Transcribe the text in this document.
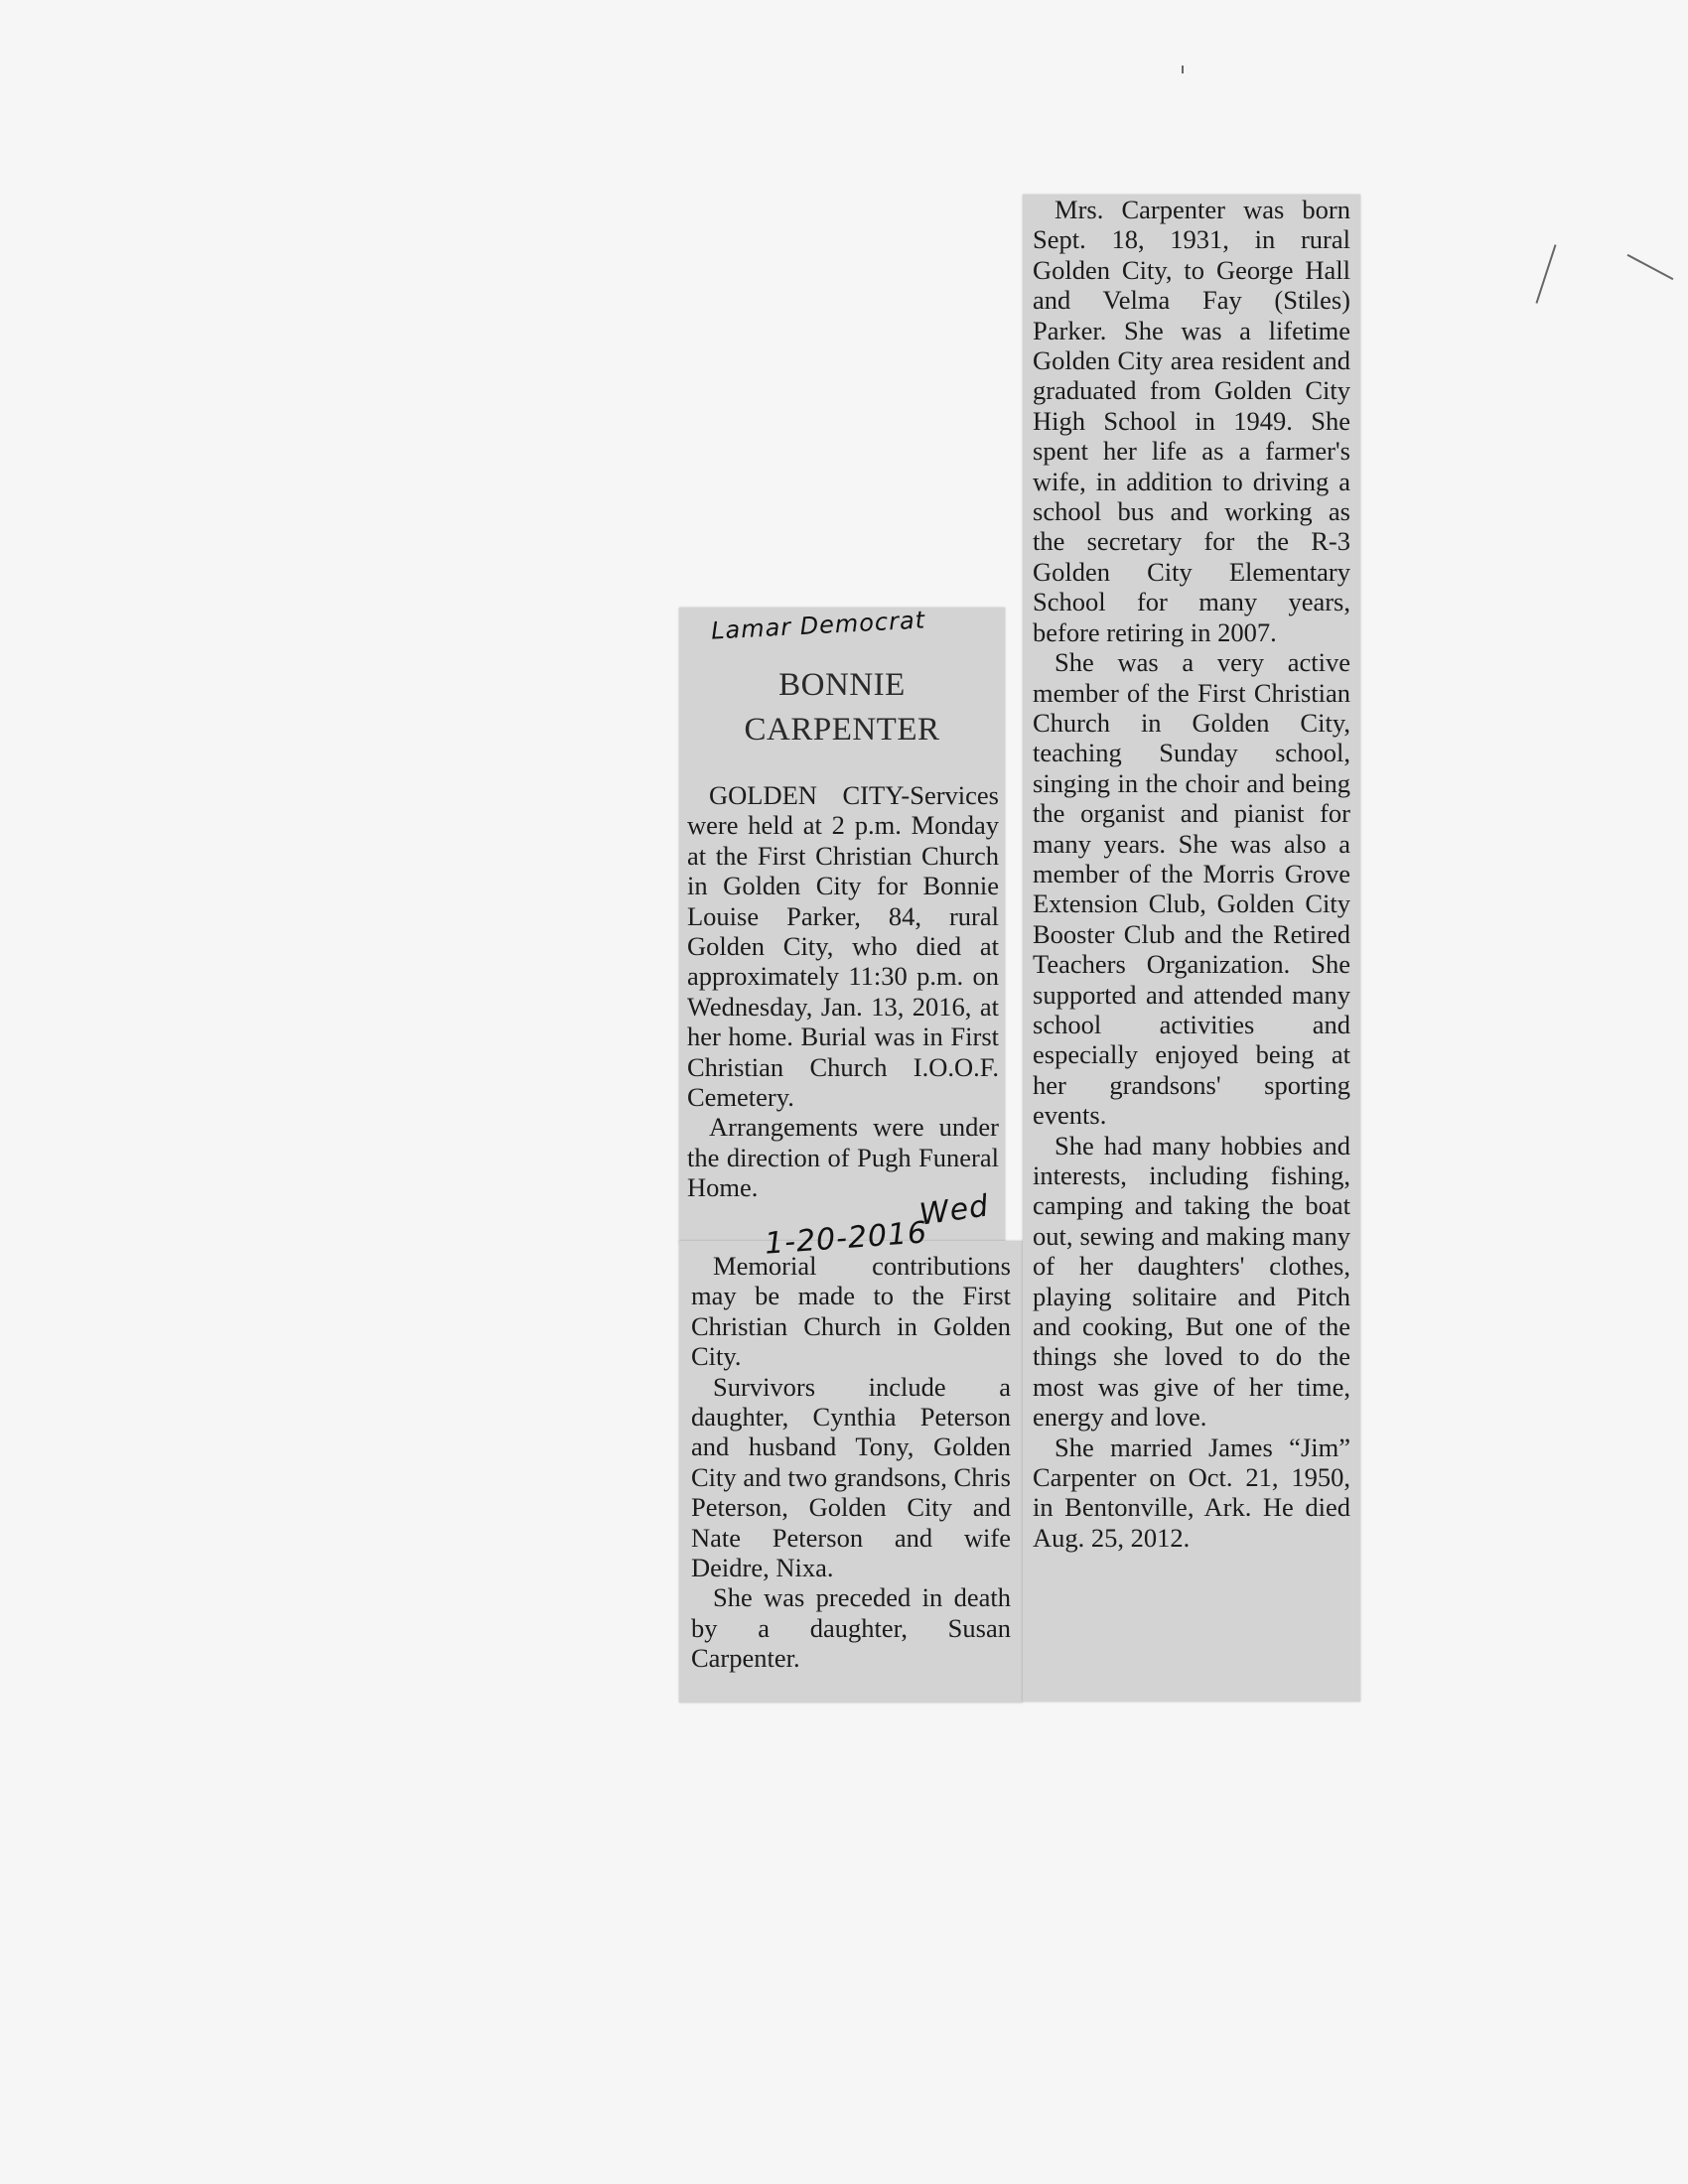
BONNIE
CARPENTER

GOLDEN CITY-Services were held at 2 p.m. Monday at the First Christian Church in Golden City for Bonnie Louise Parker, 84, rural Golden City, who died at approximately 11:30 p.m. on Wednesday, Jan. 13, 2016, at her home. Burial was in First Christian Church I.O.O.F. Cemetery.

Arrangements were under the direction of Pugh Funeral Home.

Memorial contributions may be made to the First Christian Church in Golden City.

Survivors include a daughter, Cynthia Peterson and husband Tony, Golden City and two grandsons, Chris Peterson, Golden City and Nate Peterson and wife Deidre, Nixa.

She was preceded in death by a daughter, Susan Carpenter.

Mrs. Carpenter was born Sept. 18, 1931, in rural Golden City, to George Hall and Velma Fay (Stiles) Parker. She was a lifetime Golden City area resident and graduated from Golden City High School in 1949. She spent her life as a farmer's wife, in addition to driving a school bus and working as the secretary for the R-3 Golden City Elementary School for many years, before retiring in 2007.

She was a very active member of the First Christian Church in Golden City, teaching Sunday school, singing in the choir and being the organist and pianist for many years. She was also a member of the Morris Grove Extension Club, Golden City Booster Club and the Retired Teachers Organization. She supported and attended many school activities and especially enjoyed being at her grandsons' sporting events.

She had many hobbies and interests, including fishing, camping and taking the boat out, sewing and making many of her daughters' clothes, playing solitaire and Pitch and cooking, But one of the things she loved to do the most was give of her time, energy and love.

She married James “Jim” Carpenter on Oct. 21, 1950, in Bentonville, Ark. He died Aug. 25, 2012.

Lamar Democrat
Wed
1-20-2016
